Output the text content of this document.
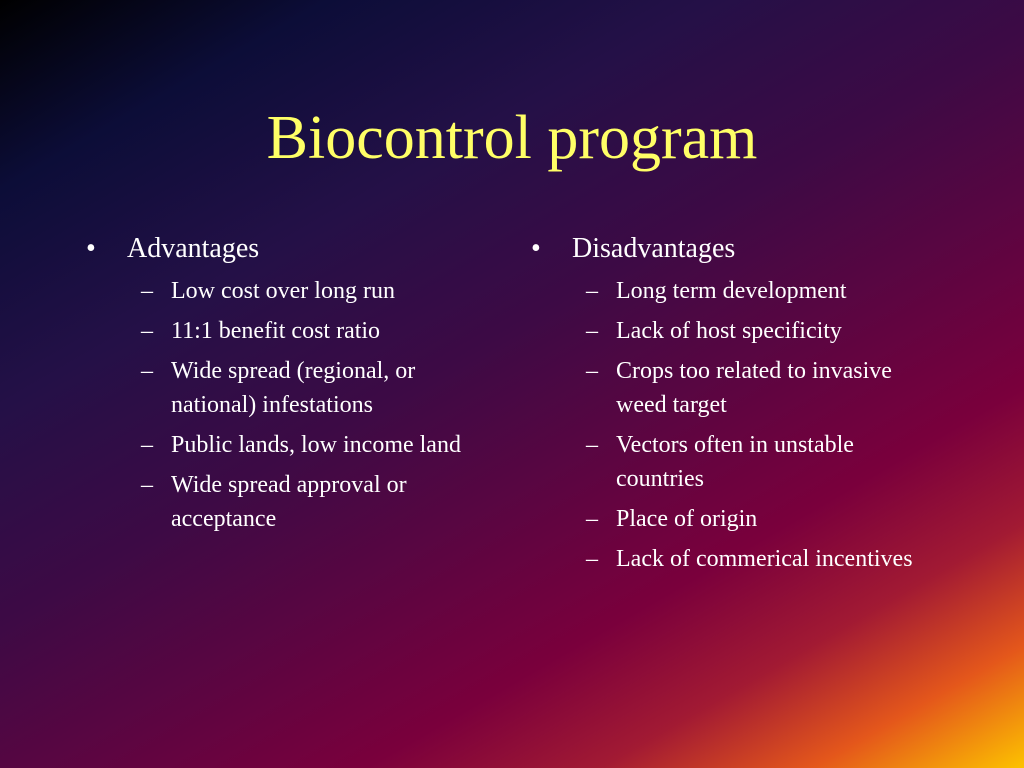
Biocontrol program
• Advantages
– Low cost over long run
– 11:1 benefit cost ratio
– Wide spread (regional, or national) infestations
– Public lands, low income land
– Wide spread approval or acceptance
• Disadvantages
– Long term development
– Lack of host specificity
– Crops too related to invasive weed target
– Vectors often in unstable countries
– Place of origin
– Lack of commerical incentives
